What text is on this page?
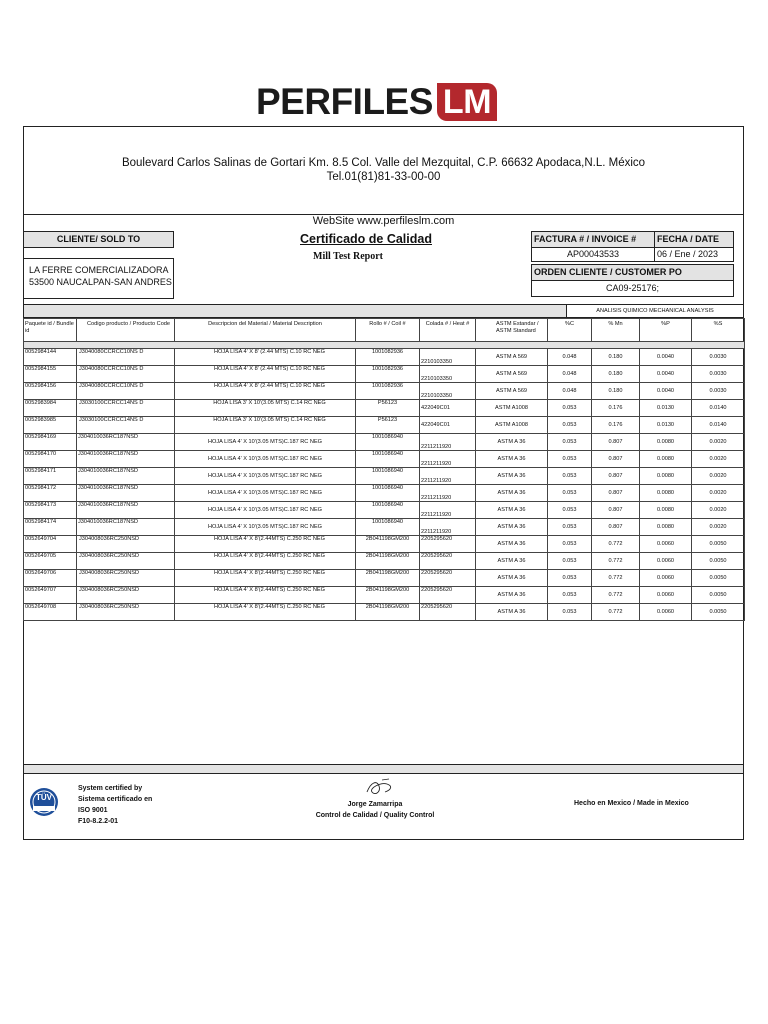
PERFILES LM
Boulevard Carlos Salinas de Gortari Km. 8.5 Col. Valle del Mezquital, C.P. 66632 Apodaca,N.L. México
Tel.01(81)81-33-00-00
WebSite www.perfileslm.com
CLIENTE/ SOLD TO
LA FERRE COMERCIALIZADORA
53500 NAUCALPAN-SAN ANDRES
Certificado de Calidad
Mill Test Report
FACTURA # / INVOICE #	FECHA / DATE
AP00043533	06 / Ene / 2023
ORDEN CLIENTE / CUSTOMER PO
CA09-25176;
ANALISIS QUIMICO MECHANICAL ANALYSIS
Paquete id / Bundle id	Codigo producto / Producto Code	Descripcion del Material / Material Description	Rollo # / Coil #	Colada # / Heat #	ASTM Estandar / ASTM Standard	%C	% Mn	%P	%S

0052984144	J3040080CCRCC10NS D	HOJA LISA 4' X 8' (2.44 MTS) C.10 RC NEG	1001082936	2210103350	ASTM A 569	0.048	0.180	0.0040	0.0030
0052984155	J3040080CCRCC10NS D	HOJA LISA 4' X 8' (2.44 MTS) C.10 RC NEG	1001082936	2210103350	ASTM A 569	0.048	0.180	0.0040	0.0030
0052984156	J3040080CCRCC10NS D	HOJA LISA 4' X 8' (2.44 MTS) C.10 RC NEG	1001082936	2210103350	ASTM A 569	0.048	0.180	0.0040	0.0030
0052983984	J3030100CCRCC14NS D	HOJA LISA 3' X 10'(3.05 MTS) C.14 RC NEG	P56123	422049C01	ASTM A1008	0.053	0.176	0.0130	0.0140
0052983985	J3030100CCRCC14NS D	HOJA LISA 3' X 10'(3.05 MTS) C.14 RC NEG	P56123	422049C01	ASTM A1008	0.053	0.176	0.0130	0.0140
0052984169	J304010036RC187NSD	HOJA LISA 4' X 10'(3.05 MTS)C.187 RC NEG	1001086940	2211211920	ASTM A 36	0.053	0.807	0.0080	0.0020
0052984170	J304010036RC187NSD	HOJA LISA 4' X 10'(3.05 MTS)C.187 RC NEG	1001086940	2211211920	ASTM A 36	0.053	0.807	0.0080	0.0020
0052984171	J304010036RC187NSD	HOJA LISA 4' X 10'(3.05 MTS)C.187 RC NEG	1001086940	2211211920	ASTM A 36	0.053	0.807	0.0080	0.0020
0052984172	J304010036RC187NSD	HOJA LISA 4' X 10'(3.05 MTS)C.187 RC NEG	1001086940	2211211920	ASTM A 36	0.053	0.807	0.0080	0.0020
0052984173	J304010036RC187NSD	HOJA LISA 4' X 10'(3.05 MTS)C.187 RC NEG	1001086940	2211211920	ASTM A 36	0.053	0.807	0.0080	0.0020
0052984174	J304010036RC187NSD	HOJA LISA 4' X 10'(3.05 MTS)C.187 RC NEG	1001086940	2211211920	ASTM A 36	0.053	0.807	0.0080	0.0020
0052649704	J304008036RC250NSD	HOJA LISA 4' X 8'(2.44MTS) C.250 RC NEG	2B041198GM200	2205295620	ASTM A 36	0.053	0.772	0.0060	0.0050
0052649705	J304008036RC250NSD	HOJA LISA 4' X 8'(2.44MTS) C.250 RC NEG	2B041198GM200	2205295620	ASTM A 36	0.053	0.772	0.0060	0.0050
0052649706	J304008036RC250NSD	HOJA LISA 4' X 8'(2.44MTS) C.250 RC NEG	2B041198GM200	2205295620	ASTM A 36	0.053	0.772	0.0060	0.0050
0052649707	J304008036RC250NSD	HOJA LISA 4' X 8'(2.44MTS) C.250 RC NEG	2B041198GM200	2205295620	ASTM A 36	0.053	0.772	0.0060	0.0050
0052649708	J304008036RC250NSD	HOJA LISA 4' X 8'(2.44MTS) C.250 RC NEG	2B041198GM200	2205295620	ASTM A 36	0.053	0.772	0.0060	0.0050
TÜV
System certified by
Sistema certificado en
ISO 9001
F10-8.2.2-01
Jorge Zamarripa
Control de Calidad / Quality Control
Hecho en Mexico / Made in Mexico
